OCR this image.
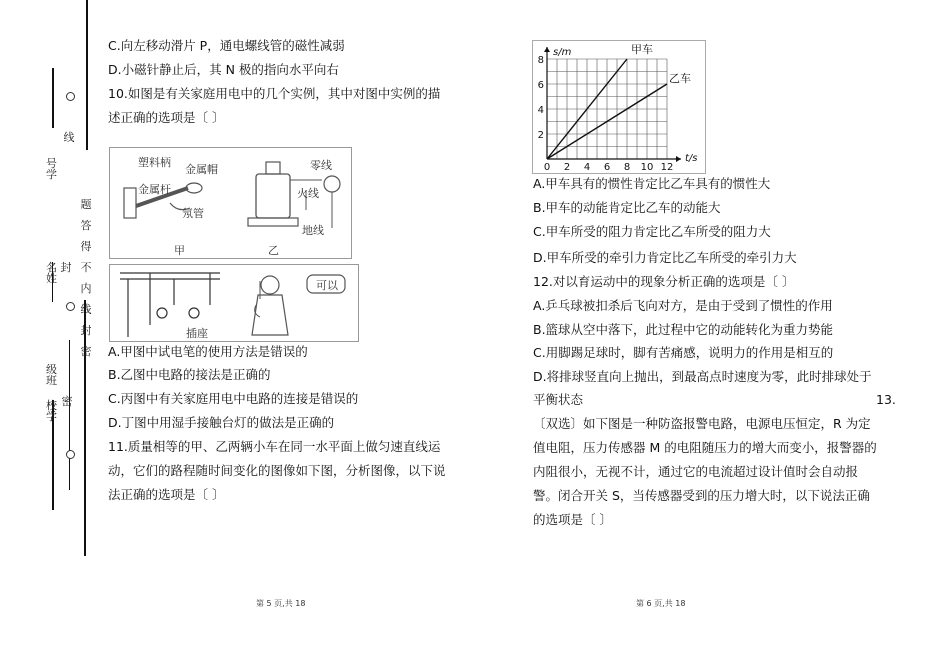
号学
线
名姓
封
级班
密
校学
题答得不内线封密
C.向左移动滑片 P，通电螺线管的磁性减弱
D.小磁针静止后，其 N 极的指向水平向右
10.如图是有关家庭用电中的几个实例，其中对图中实例的描
述正确的选项是〔 〕
塑料柄
金属帽
金属杆
氖管
零线
火线
地线
甲	乙
插座
可以
A.甲图中试电笔的使用方法是错误的
B.乙图中电路的接法是正确的
C.丙图中有关家庭用电中电路的连接是错误的
D.丁图中用湿手接触台灯的做法是正确的
11.质量相等的甲、乙两辆小车在同一水平面上做匀速直线运
动，它们的路程随时间变化的图像如下图，分析图像，以下说
法正确的选项是〔 〕
第 5 页,共 18
0 2 4 6 8 10 12
2
4
6
8
t/s
s/m	甲车
乙车
A.甲车具有的惯性肯定比乙车具有的惯性大
B.甲车的动能肯定比乙车的动能大
C.甲车所受的阻力肯定比乙车所受的阻力大
D.甲车所受的牵引力肯定比乙车所受的牵引力大
12.对以育运动中的现象分析正确的选项是〔 〕
A.乒乓球被扣杀后飞向对方，是由于受到了惯性的作用
B.篮球从空中落下，此过程中它的动能转化为重力势能
C.用脚踢足球时，脚有苦痛感，说明力的作用是相互的
D.将排球竖直向上抛出，到最高点时速度为零，此时排球处于
平衡状态	13.
〔双选〕如下图是一种防盗报警电路，电源电压恒定，R 为定
值电阻，压力传感器 M 的电阻随压力的增大而变小，报警器的
内阻很小，无视不计，通过它的电流超过设计值时会自动报
警。闭合开关 S，当传感器受到的压力增大时，以下说法正确
的选项是〔 〕
第 6 页,共 18
